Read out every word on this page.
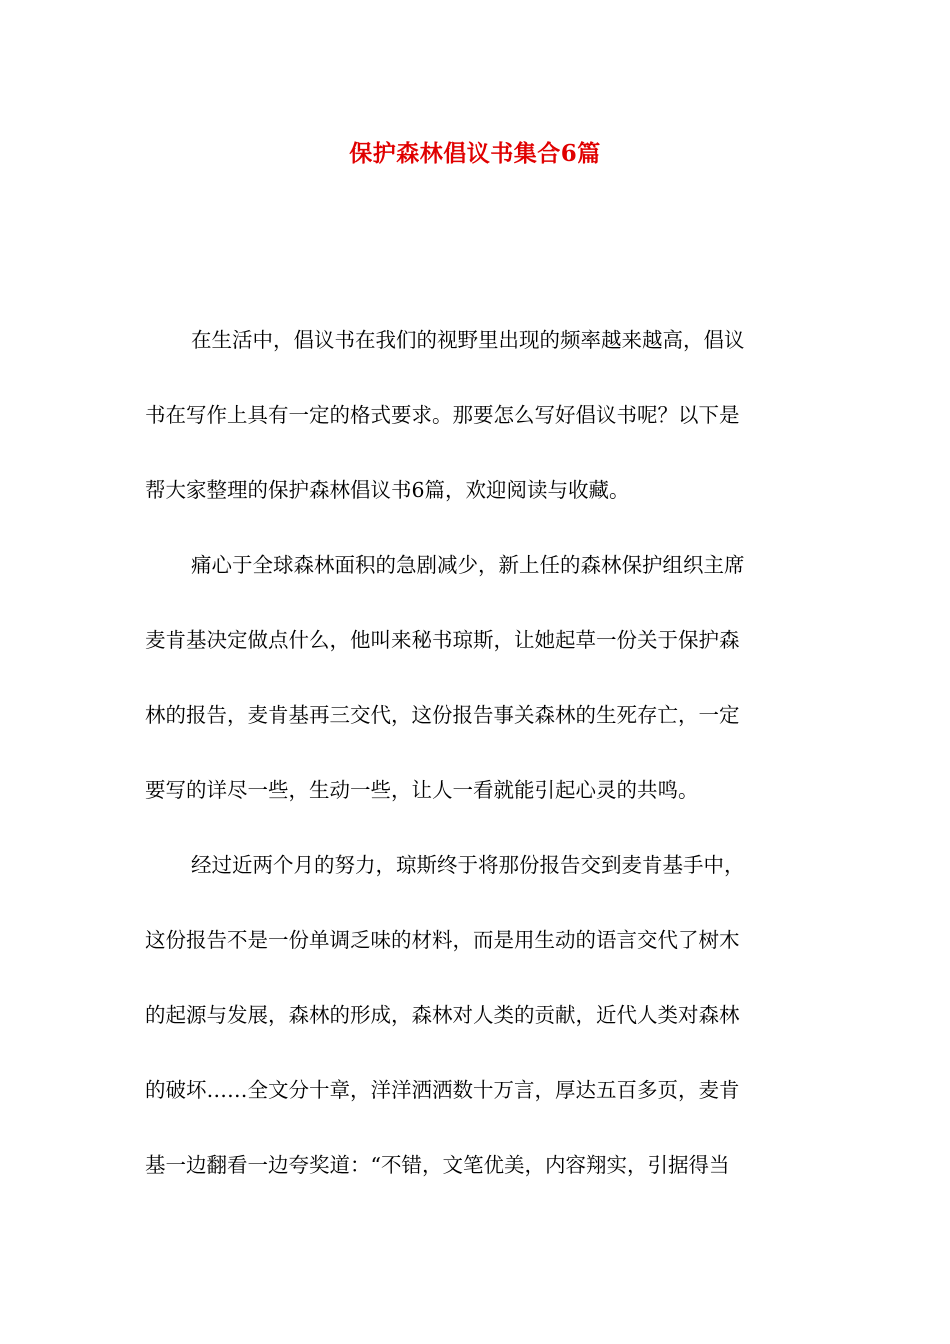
保护森林倡议书集合6篇
在生活中，倡议书在我们的视野里出现的频率越来越高，倡议
书在写作上具有一定的格式要求。那要怎么写好倡议书呢？以下是
帮大家整理的保护森林倡议书6篇，欢迎阅读与收藏。
痛心于全球森林面积的急剧减少，新上任的森林保护组织主席
麦肯基决定做点什么，他叫来秘书琼斯，让她起草一份关于保护森
林的报告，麦肯基再三交代，这份报告事关森林的生死存亡，一定
要写的详尽一些，生动一些，让人一看就能引起心灵的共鸣。
经过近两个月的努力，琼斯终于将那份报告交到麦肯基手中，
这份报告不是一份单调乏味的材料，而是用生动的语言交代了树木
的起源与发展，森林的形成，森林对人类的贡献，近代人类对森林
的破坏……全文分十章，洋洋洒洒数十万言，厚达五百多页，麦肯
基一边翻看一边夸奖道：“不错，文笔优美，内容翔实，引据得当
